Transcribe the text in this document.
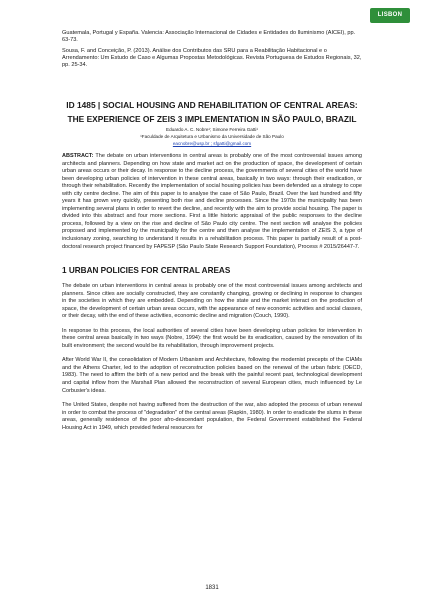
LISBON

Guatemala, Portugal y España. Valencia: Associação Internacional de Cidades e Entidades do Iluminismo (AICEI), pp. 63-73.

Sousa, F. and Conceição, P. (2013). Análise dos Contributos das SRU para a Reabilitação Habitacional e o Arrendamento: Um Estudo de Caso e Algumas Propostas Metodológicas. Revista Portuguesa de Estudos Regionais, 32, pp. 25-34.

ID 1485 | SOCIAL HOUSING AND REHABILITATION OF CENTRAL AREAS:
THE EXPERIENCE OF ZEIS 3 IMPLEMENTATION IN SÃO PAULO, BRAZIL
Eduardo A. C. Nobre¹; Simone Ferreira Gatti¹
¹Faculdade de Arquitetura e Urbanismo da Universidade de São Paulo
eacnobre@usp.br ; sfgatti@gmail.com
ABSTRACT: The debate on urban interventions in central areas is probably one of the most controversial issues among architects and planners. Depending on how state and market act on the production of space, the development of certain urban areas occurs or their decay. In response to the decline process, the governments of several cities of the world have been developing urban policies of intervention in these central areas, basically in two ways: through their eradication, or through their rehabilitation. Recently the implementation of social housing policies has been defended as a strategy to cope with city centre decline. The aim of this paper is to analyse the case of São Paulo, Brazil. Over the last hundred and fifty years it has grown very quickly, presenting both rise and decline processes. Since the 1970s the municipality has been implementing several plans in order to revert the decline, and recently with the aim to provide social housing. The paper is divided into this abstract and four more sections. First a little historic appraisal of the public responses to the decline process, followed by a view on the rise and decline of São Paulo city centre. The next section will analyse the policies proposed and implemented by the municipality for the centre and then analyse the implementation of ZEIS 3, a type of inclusionary zoning, searching to understand it results in a rehabilitation process. This paper is partially result of a post-doctoral research project financed by FAPESP (São Paulo State Research Support Foundation), Process # 2015/26447-7.
1 URBAN POLICIES FOR CENTRAL AREAS

The debate on urban interventions in central areas is probably one of the most controversial issues among architects and planners. Since cities are socially constructed, they are constantly changing, growing or declining in response to changes in the societies in which they are embedded. Depending on how the state and the market interact on the production of space, the development of certain urban areas occurs, with the appearance of new economic activities and social classes, or their decay, with the end of these activities, economic decline and migration (Couch, 1990).

In response to this process, the local authorities of several cities have been developing urban policies for intervention in these central areas basically in two ways (Nobre, 1994): the first would be its eradication, caused by the renovation of its built environment; the second would be its rehabilitation, through improvement projects.

After World War II, the consolidation of Modern Urbanism and Architecture, following the modernist precepts of the CIAMs and the Athens Charter, led to the adoption of reconstruction policies based on the renewal of the urban fabric (OECD, 1983). The need to affirm the birth of a new period and the break with the painful recent past, technological development and capital inflow from the Marshall Plan allowed the reconstruction of several European cities, much influenced by Le Corbusier's ideas.

The United States, despite not having suffered from the destruction of the war, also adopted the process of urban renewal in order to combat the process of "degradation" of the central areas (Rapkin, 1980). In order to eradicate the slums in these areas, generally residence of the poor afro-descendant population, the Federal Government established the Federal Housing Act in 1949, which provided federal resources for

1831
